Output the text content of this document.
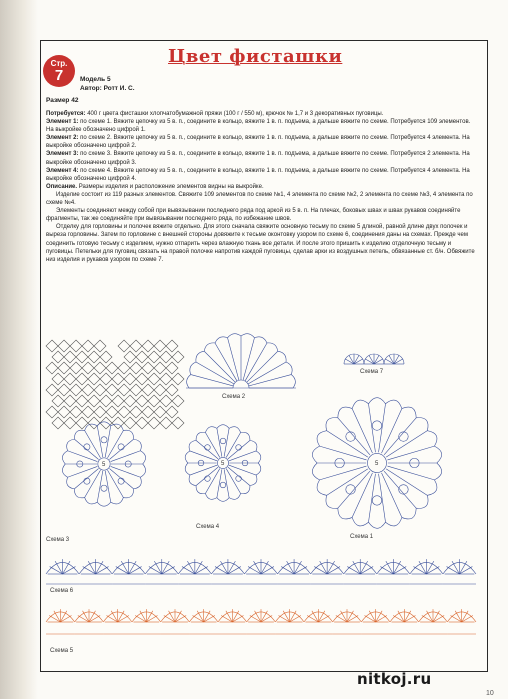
Стр.
7
Цвет фисташки
Модель 5
Автор: Ротт И. С.
Размер 42

Потребуется: 400 г цвета фисташки хлопчатобумажной пряжи (100 г / 550 м), крючок № 1,7 и 3 декоративных пуговицы.

Элемент 1: по схеме 1. Вяжите цепочку из 5 в. п., соедините в кольцо, вяжите 1 в. п. подъема, а дальше вяжите по схеме. Потребуется 109 элементов. На выкройке обозначено цифрой 1.

Элемент 2: по схеме 2. Вяжите цепочку из 5 в. п., соедините в кольцо, вяжите 1 в. п. подъема, а дальше вяжите по схеме. Потребуется 4 элемента. На выкройке обозначено цифрой 2.

Элемент 3: по схеме 3. Вяжите цепочку из 5 в. п., соедините в кольцо, вяжите 1 в. п. подъема, а дальше вяжите по схеме. Потребуется 2 элемента. На выкройке обозначено цифрой 3.

Элемент 4: по схеме 4. Вяжите цепочку из 5 в. п., соедините в кольцо, вяжите 1 в. п. подъема, а дальше вяжите по схеме. Потребуется 4 элемента. На выкройке обозначено цифрой 4.

Описание. Размеры изделия и расположение элементов видны на выкройке.

Изделие состоит из 119 разных элементов. Свяжите 109 элементов по схеме №1, 4 элемента по схеме №2, 2 элемента по схеме №3, 4 элемента по схеме №4.

Элементы соединяют между собой при вывязывании последнего ряда под аркой из 5 в. п. На плечах, боковых швах и швах рукавов соединяйте фрагменты, так же соединяйте при вывязывании последнего ряда, по избежание швов.

Отделку для горловины и полочек вяжите отдельно. Для этого сначала свяжите основную тесьму по схеме 5 длиной, равной длине двух полочек и выреза горловины. Затем по горловине с внешней стороны довяжите к тесьме оконтовку узором по схеме 6, соединения даны на схемах. Прежде чем соединить готовую тесьму с изделием, нужно отпарить через влажную ткань все детали. И после этого пришить к изделию отделочную тесьму и пуговицы. Петельки для пуговиц связать на правой полочке напротив каждой пуговицы, сделав арки из воздушных петель, обвязанные ст. б/н. Обвяжите низ изделия и рукавов узором по схеме 7.

Схема 2
Схема 7
5
Схема 3
5
Схема 4
5
Схема 1
Схема 6
Схема 5
nitkoj.ru
10
